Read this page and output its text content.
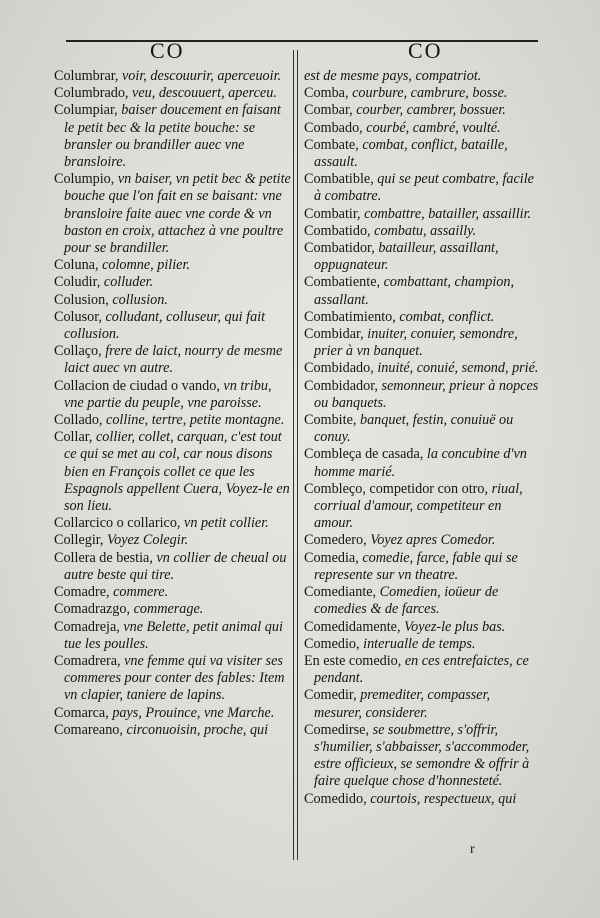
CO	CO

Columbrar, voir, descouurir, aperceuoir.

Columbrado, veu, descouuert, aperceu.

Columpiar, baiser doucement en faisant le petit bec & la petite bouche: se bransler ou brandiller auec vne bransloire.

Columpio, vn baiser, vn petit bec & petite bouche que l'on fait en se baisant: vne bransloire faite auec vne corde & vn baston en croix, attachez à vne poultre pour se brandiller.

Coluna, colomne, pilier.

Coludir, colluder.

Colusion, collusion.

Colusor, colludant, colluseur, qui fait collusion.

Collaço, frere de laict, nourry de mesme laict auec vn autre.

Collacion de ciudad o vando, vn tribu, vne partie du peuple, vne paroisse.

Collado, colline, tertre, petite montagne.

Collar, collier, collet, carquan, c'est tout ce qui se met au col, car nous disons bien en François collet ce que les Espagnols appellent Cuera, Voyez-le en son lieu.

Collarcico o collarico, vn petit collier.

Collegir, Voyez Colegir.

Collera de bestia, vn collier de cheual ou autre beste qui tire.

Comadre, commere.

Comadrazgo, commerage.

Comadreja, vne Belette, petit animal qui tue les poulles.

Comadrera, vne femme qui va visiter ses commeres pour conter des fables: Item vn clapier, taniere de lapins.

Comarca, pays, Prouince, vne Marche.

Comareano, circonuoisin, proche, qui

est de mesme pays, compatriot.

Comba, courbure, cambrure, bosse.

Combar, courber, cambrer, bossuer.

Combado, courbé, cambré, voulté.

Combate, combat, conflict, bataille, assault.

Combatible, qui se peut combatre, facile à combatre.

Combatir, combattre, batailler, assaillir.

Combatido, combatu, assailly.

Combatidor, batailleur, assaillant, oppugnateur.

Combatiente, combattant, champion, assallant.

Combatimiento, combat, conflict.

Combidar, inuiter, conuier, semondre, prier à vn banquet.

Combidado, inuité, conuié, semond, prié.

Combidador, semonneur, prieur à nopces ou banquets.

Combite, banquet, festin, conuiuë ou conuy.

Combleça de casada, la concubine d'vn homme marié.

Combleço, competidor con otro, riual, corriual d'amour, competiteur en amour.

Comedero, Voyez apres Comedor.

Comedia, comedie, farce, fable qui se represente sur vn theatre.

Comediante, Comedien, ioüeur de comedies & de farces.

Comedidamente, Voyez-le plus bas.

Comedio, interualle de temps.

En este comedio, en ces entrefaictes, ce pendant.

Comedir, premediter, compasser, mesurer, considerer.

Comedirse, se soubmettre, s'offrir, s'humilier, s'abbaisser, s'accommoder, estre officieux, se semondre & offrir à faire quelque chose d'honnesteté.

Comedido, courtois, respectueux, qui

r
